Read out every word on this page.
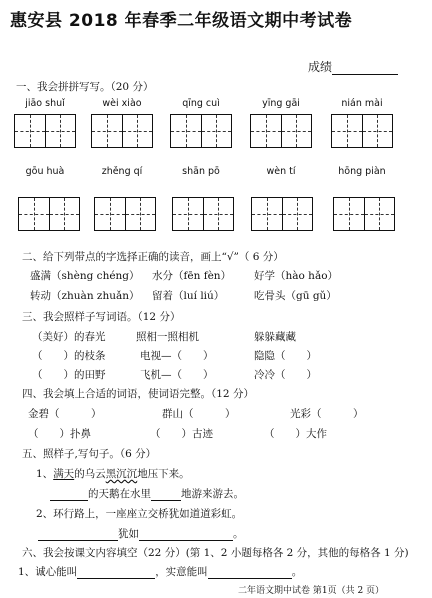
惠安县 2018 年春季二年级语文期中考试卷
成绩
一、我会拼拼写写。（20 分）
jiāo shuǐ	wèi xiào	qīng cuì	yīng gāi	nián mài
gōu huà	zhěng qí	shān pō	wèn tí	hōng piàn
二、给下列带点的字选择正确的读音，画上“√”（ 6 分）
盛满（shèng chéng） 水分（fēn fèn） 好学（hào hǎo）
转动（zhuàn zhuǎn） 留着（luí liú）	吃骨头（gū gǔ）
三、我会照样子写词语。（12 分）
（美好）的春光	照相一照相机	躲躲藏藏
（　　）的枝条	电视—（　　）	隐隐（　　）
（　　）的田野	飞机—（　　）	冷冷（　　）
四、我会填上合适的词语，使词语完整。（12 分）
金碧（　　　）	群山（　　　）	光彩（　　　）
（　　）扑鼻	（　　）古迹	（　　）大作
五、照样子,写句子。（6 分）
1、满天的乌云黑沉沉地压下来。
的天鹅在水里	地游来游去。
2、环行路上，一座座立交桥犹如道道彩虹。
犹如	。
六、我会按课文内容填空（22 分）(第 1、2 小题每格各 2 分，其他的每格各 1 分)
1、诚心能叫	，实意能叫	。
二年语文期中试卷 第1页（共 2 页）
